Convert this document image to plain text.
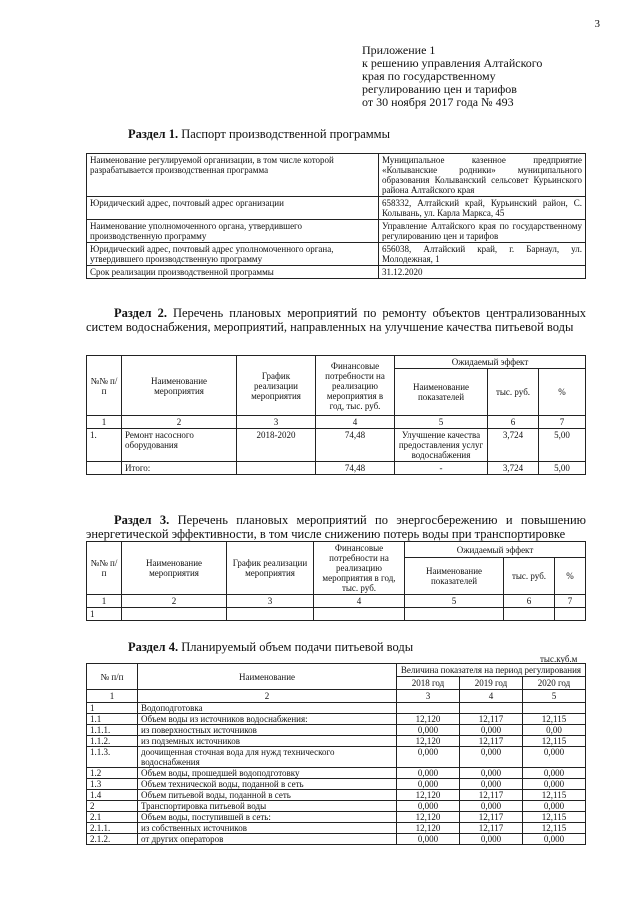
3
Приложение 1
к решению управления Алтайского
края по государственному
регулированию цен и тарифов
от 30 ноября 2017 года № 493
Раздел 1. Паспорт производственной программы
Наименование регулируемой организации, в том числе которой разрабатывается производственная программа	Муниципальное казенное предприятие «Колыванские родники» муниципального образования Колыванский сельсовет Курьинского района Алтайского края
Юридический адрес, почтовый адрес организации	658332, Алтайский край, Курьинский район, С. Колывань, ул. Карла Маркса, 45
Наименование уполномоченного органа, утвердившего производственную программу	Управление Алтайского края по государственному регулированию цен и тарифов
Юридический адрес, почтовый адрес уполномоченного органа, утвердившего производственную программу	656038, Алтайский край, г. Барнаул, ул. Молодежная, 1
Срок реализации производственной программы	31.12.2020
Раздел 2. Перечень плановых мероприятий по ремонту объектов централизованных систем водоснабжения, мероприятий, направленных на улучшение качества питьевой воды
№№ п/п	Наименование мероприятия	График реализации мероприятия	Финансовые потребности на реализацию мероприятия в год, тыс. руб.	Ожидаемый эффект		
				Наименование показателей	тыс. руб.	%
1	2	3	4	5	6	7
1.	Ремонт насосного оборудования	2018-2020	74,48	Улучшение качества предоставления услуг водоснабжения	3,724	5,00
	Итого:		74,48	-	3,724	5,00
Раздел 3. Перечень плановых мероприятий по энергосбережению и повышению энергетической эффективности, в том числе снижению потерь воды при транспортировке
№№ п/п	Наименование мероприятия	График реализации мероприятия	Финансовые потребности на реализацию мероприятия в год, тыс. руб.	Ожидаемый эффект		
				Наименование показателей	тыс. руб.	%
1	2	3	4	5	6	7
1						
Раздел 4. Планируемый объем подачи питьевой воды
тыс.куб.м
№ п/п	Наименование	Величина показателя на период регулирования		
		2018 год	2019 год	2020 год
1	2	3	4	5
1	Водоподготовка			
1.1	Объем воды из источников водоснабжения:	12,120	12,117	12,115
1.1.1.	из поверхностных источников	0,000	0,000	0,00
1.1.2.	из подземных источников	12,120	12,117	12,115
1.1.3.	доочищенная сточная вода для нужд технического водоснабжения	0,000	0,000	0,000
1.2	Объем воды, прошедшей водоподготовку	0,000	0,000	0,000
1.3	Объем технической воды, поданной в сеть	0,000	0,000	0,000
1.4	Объем питьевой воды, поданной в сеть	12,120	12,117	12,115
2	Транспортировка питьевой воды	0,000	0,000	0,000
2.1	Объем воды, поступившей в сеть:	12,120	12,117	12,115
2.1.1.	из собственных источников	12,120	12,117	12,115
2.1.2.	от других операторов	0,000	0,000	0,000
